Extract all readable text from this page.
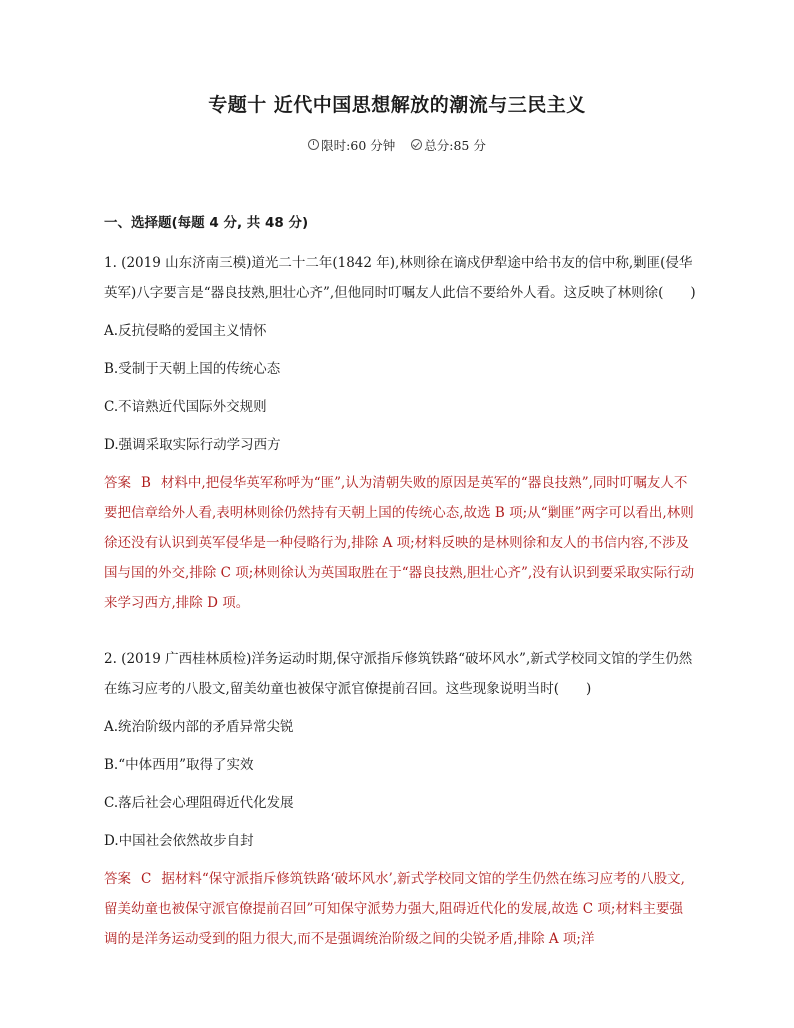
专题十 近代中国思想解放的潮流与三民主义
限时:60 分钟 总分:85 分
一、选择题(每题 4 分, 共 48 分)

1. (2019 山东济南三模)道光二十二年(1842 年),林则徐在谪戍伊犁途中给书友的信中称,剿匪(侵华英军)八字要言是“器良技熟,胆壮心齐”,但他同时叮嘱友人此信不要给外人看。这反映了林则徐(　　)

A.反抗侵略的爱国主义情怀

B.受制于天朝上国的传统心态

C.不谙熟近代国际外交规则

D.强调采取实际行动学习西方

答案 B 材料中,把侵华英军称呼为“匪”,认为清朝失败的原因是英军的“器良技熟”,同时叮嘱友人不要把信章给外人看,表明林则徐仍然持有天朝上国的传统心态,故选 B 项;从“剿匪”两字可以看出,林则徐还没有认识到英军侵华是一种侵略行为,排除 A 项;材料反映的是林则徐和友人的书信内容,不涉及国与国的外交,排除 C 项;林则徐认为英国取胜在于“器良技熟,胆壮心齐”,没有认识到要采取实际行动来学习西方,排除 D 项。

2. (2019 广西桂林质检)洋务运动时期,保守派指斥修筑铁路“破坏风水”,新式学校同文馆的学生仍然在练习应考的八股文,留美幼童也被保守派官僚提前召回。这些现象说明当时(　　)

A.统治阶级内部的矛盾异常尖锐

B.“中体西用”取得了实效

C.落后社会心理阻碍近代化发展

D.中国社会依然故步自封

答案 C 据材料“保守派指斥修筑铁路‘破坏风水’,新式学校同文馆的学生仍然在练习应考的八股文,留美幼童也被保守派官僚提前召回”可知保守派势力强大,阻碍近代化的发展,故选 C 项;材料主要强调的是洋务运动受到的阻力很大,而不是强调统治阶级之间的尖锐矛盾,排除 A 项;洋
